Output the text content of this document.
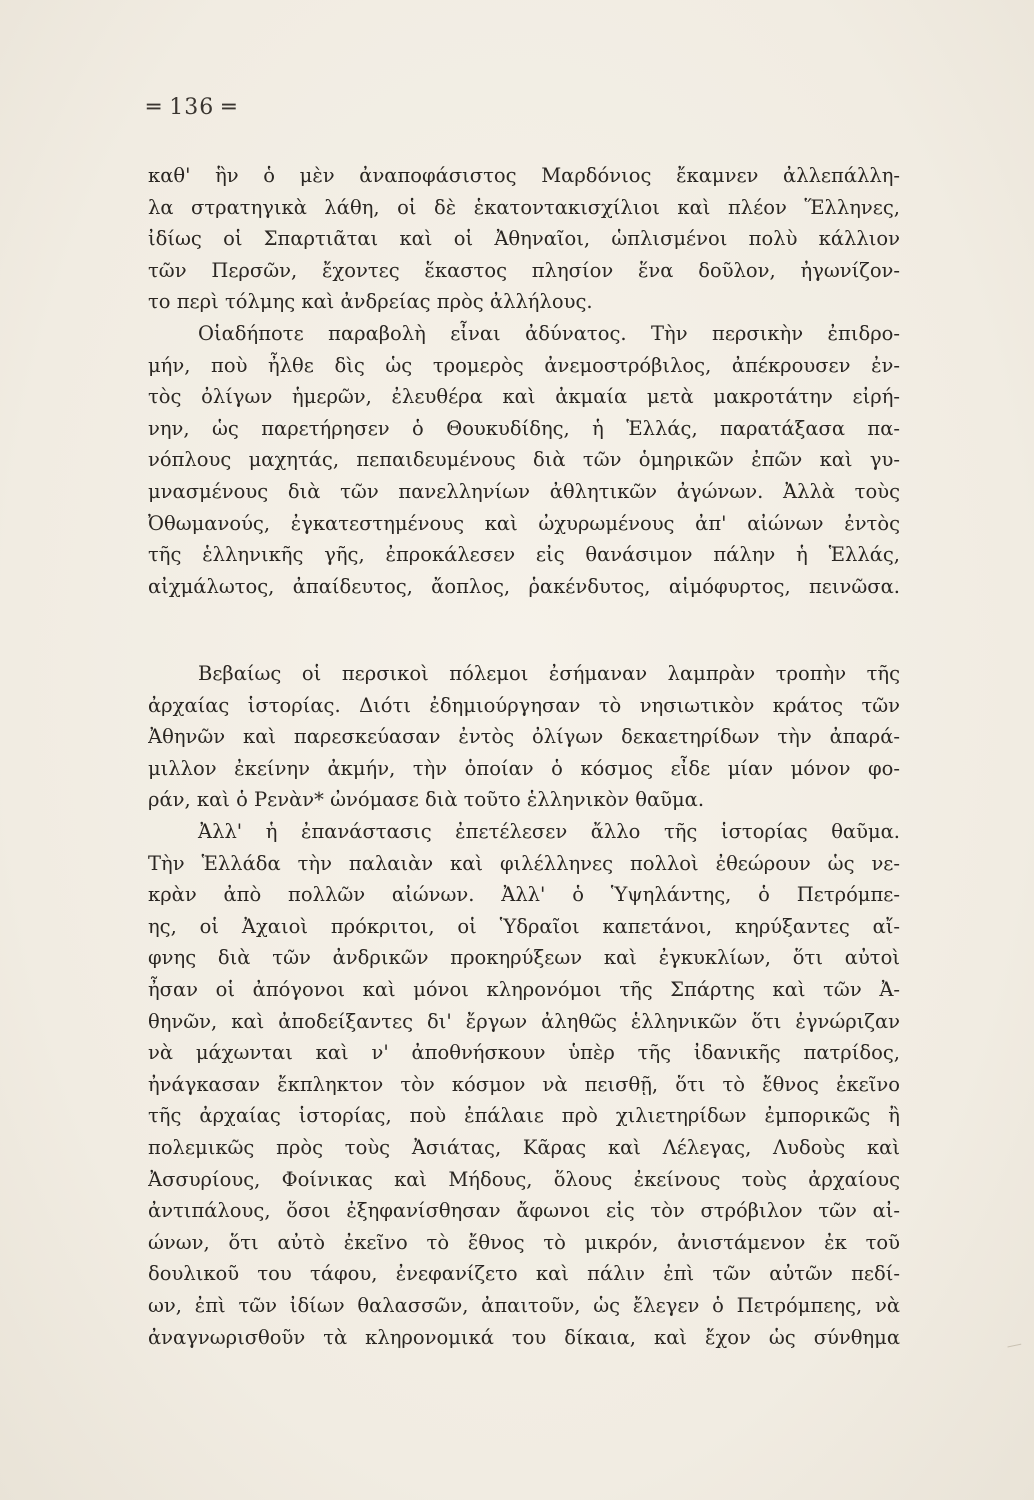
═ 136 ═
καθ' ἣν ὁ μὲν ἀναποφάσιστος Μαρδόνιος ἔκαμνεν ἀλλεπάλλη-
λα στρατηγικὰ λάθη, οἱ δὲ ἑκατοντακισχίλιοι καὶ πλέον Ἕλληνες,
ἰδίως οἱ Σπαρτιᾶται καὶ οἱ Ἀθηναῖοι, ὡπλισμένοι πολὺ κάλλιον
τῶν Περσῶν, ἔχοντες ἕκαστος πλησίον ἕνα δοῦλον, ἠγωνίζον-
το περὶ τόλμης καὶ ἀνδρείας πρὸς ἀλλήλους.
Οἱαδήποτε παραβολὴ εἶναι ἀδύνατος. Τὴν περσικὴν ἐπιδρο-
μήν, ποὺ ἦλθε δὶς ὡς τρομερὸς ἀνεμοστρόβιλος, ἀπέκρουσεν ἐν-
τὸς ὀλίγων ἡμερῶν, ἐλευθέρα καὶ ἀκμαία μετὰ μακροτάτην εἰρή-
νην, ὡς παρετήρησεν ὁ Θουκυδίδης, ἡ Ἑλλάς, παρατάξασα πα-
νόπλους μαχητάς, πεπαιδευμένους διὰ τῶν ὁμηρικῶν ἐπῶν καὶ γυ-
μνασμένους διὰ τῶν πανελληνίων ἀθλητικῶν ἀγώνων. Ἀλλὰ τοὺς
Ὀθωμανούς, ἐγκατεστημένους καὶ ὠχυρωμένους ἀπ' αἰώνων ἐντὸς
τῆς ἑλληνικῆς γῆς, ἐπροκάλεσεν εἰς θανάσιμον πάλην ἡ Ἑλλάς,
αἰχμάλωτος, ἀπαίδευτος, ἄοπλος, ῥακένδυτος, αἱμόφυρτος, πεινῶσα.
Βεβαίως οἱ περσικοὶ πόλεμοι ἐσήμαναν λαμπρὰν τροπὴν τῆς
ἀρχαίας ἱστορίας. Διότι ἐδημιούργησαν τὸ νησιωτικὸν κράτος τῶν
Ἀθηνῶν καὶ παρεσκεύασαν ἐντὸς ὀλίγων δεκαετηρίδων τὴν ἀπαρά-
μιλλον ἐκείνην ἀκμήν, τὴν ὁποίαν ὁ κόσμος εἶδε μίαν μόνον φο-
ράν, καὶ ὁ Ρενὰν* ὠνόμασε διὰ τοῦτο ἑλληνικὸν θαῦμα.
Ἀλλ' ἡ ἐπανάστασις ἐπετέλεσεν ἄλλο τῆς ἱστορίας θαῦμα.
Τὴν Ἑλλάδα τὴν παλαιὰν καὶ φιλέλληνες πολλοὶ ἐθεώρουν ὡς νε-
κρὰν ἀπὸ πολλῶν αἰώνων. Ἀλλ' ὁ Ὑψηλάντης, ὁ Πετρόμπε-
ης, οἱ Ἀχαιοὶ πρόκριτοι, οἱ Ὑδραῖοι καπετάνοι, κηρύξαντες αἴ-
φνης διὰ τῶν ἀνδρικῶν προκηρύξεων καὶ ἐγκυκλίων, ὅτι αὐτοὶ
ἦσαν οἱ ἀπόγονοι καὶ μόνοι κληρονόμοι τῆς Σπάρτης καὶ τῶν Ἀ-
θηνῶν, καὶ ἀποδείξαντες δι' ἔργων ἀληθῶς ἑλληνικῶν ὅτι ἐγνώριζαν
νὰ μάχωνται καὶ ν' ἀποθνήσκουν ὑπὲρ τῆς ἰδανικῆς πατρίδος,
ἠνάγκασαν ἔκπληκτον τὸν κόσμον νὰ πεισθῇ, ὅτι τὸ ἔθνος ἐκεῖνο
τῆς ἀρχαίας ἱστορίας, ποὺ ἐπάλαιε πρὸ χιλιετηρίδων ἐμπορικῶς ἢ
πολεμικῶς πρὸς τοὺς Ἀσιάτας, Κᾶρας καὶ Λέλεγας, Λυδοὺς καὶ
Ἀσσυρίους, Φοίνικας καὶ Μήδους, ὅλους ἐκείνους τοὺς ἀρχαίους
ἀντιπάλους, ὅσοι ἐξηφανίσθησαν ἄφωνοι εἰς τὸν στρόβιλον τῶν αἰ-
ώνων, ὅτι αὐτὸ ἐκεῖνο τὸ ἔθνος τὸ μικρόν, ἀνιστάμενον ἐκ τοῦ
δουλικοῦ του τάφου, ἐνεφανίζετο καὶ πάλιν ἐπὶ τῶν αὐτῶν πεδί-
ων, ἐπὶ τῶν ἰδίων θαλασσῶν, ἀπαιτοῦν, ὡς ἔλεγεν ὁ Πετρόμπεης, νὰ
ἀναγνωρισθοῦν τὰ κληρονομικά του δίκαια, καὶ ἔχον ὡς σύνθημα
